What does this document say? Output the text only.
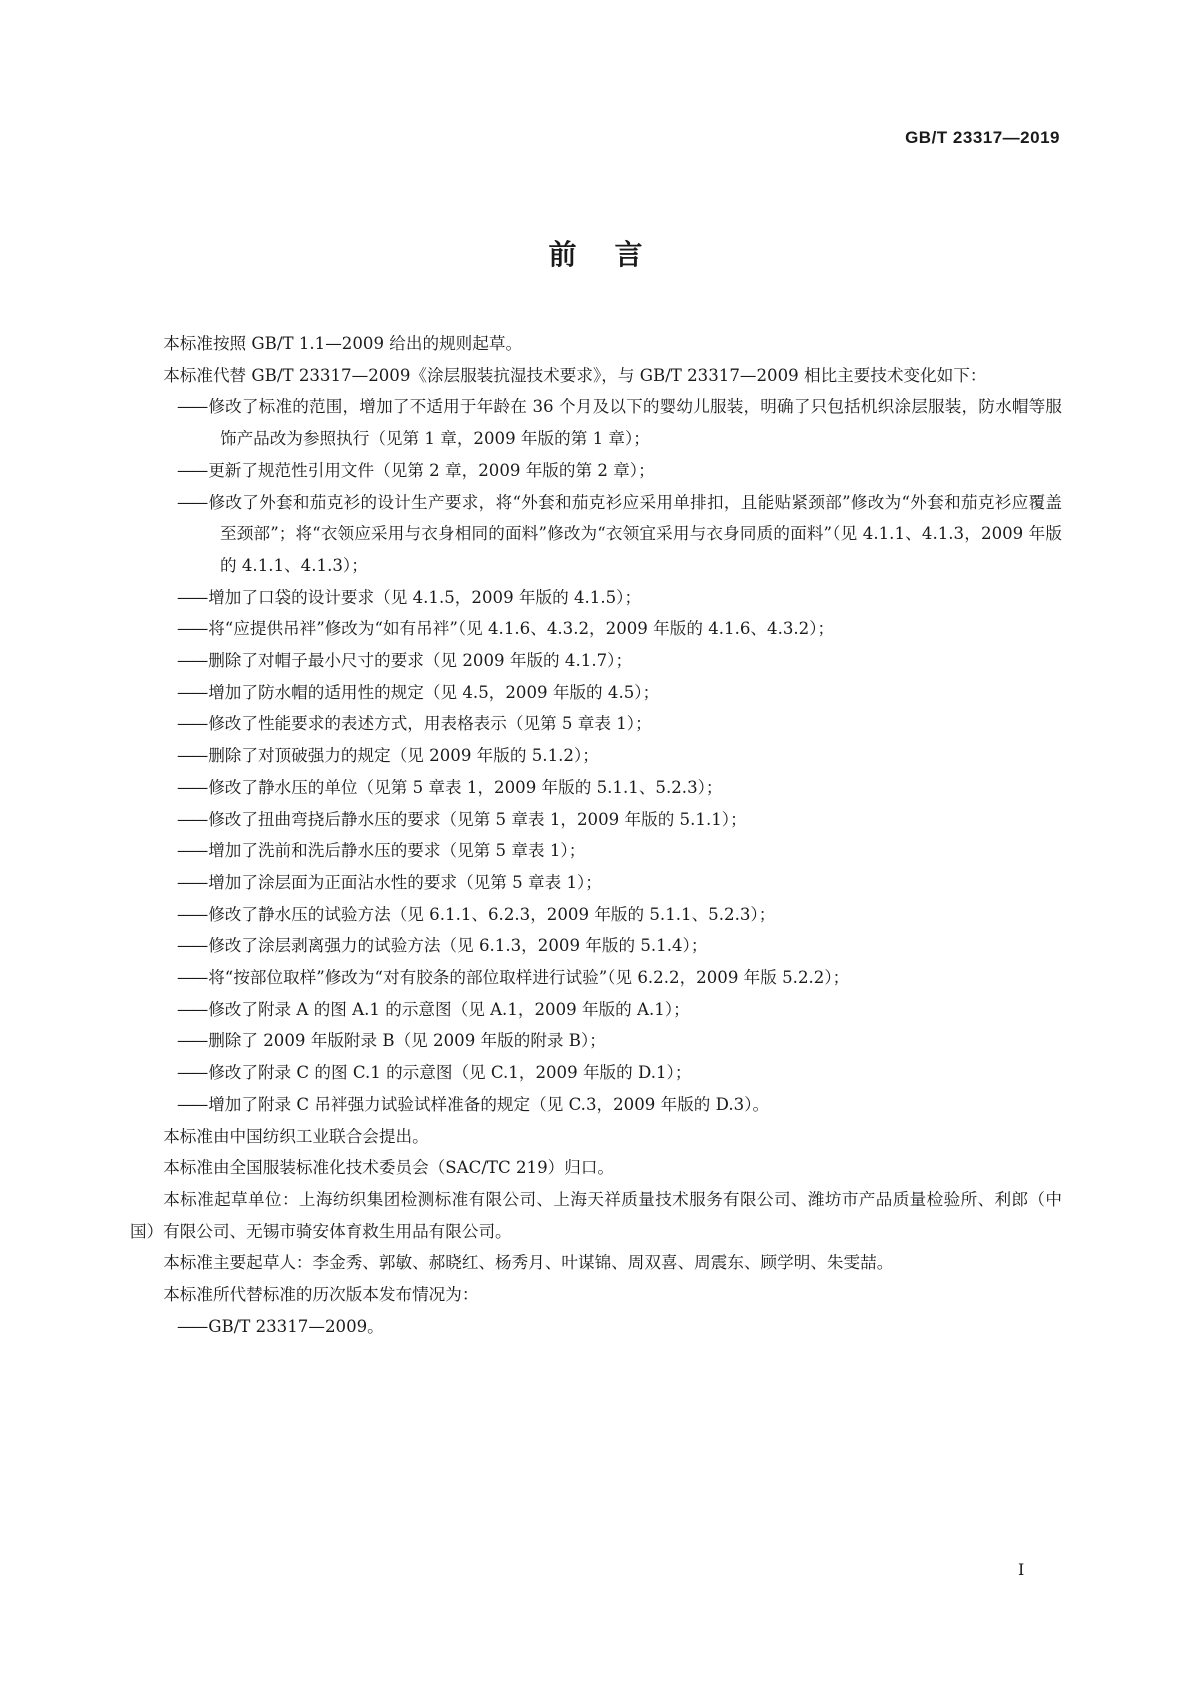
GB/T 23317—2019
前言

本标准按照 GB/T 1.1—2009 给出的规则起草。

本标准代替 GB/T 23317—2009《涂层服装抗湿技术要求》，与 GB/T 23317—2009 相比主要技术变化如下：

—— 修改了标准的范围，增加了不适用于年龄在 36 个月及以下的婴幼儿服装，明确了只包括机织涂层服装，防水帽等服饰产品改为参照执行（见第 1 章，2009 年版的第 1 章）；

—— 更新了规范性引用文件（见第 2 章，2009 年版的第 2 章）；

—— 修改了外套和茄克衫的设计生产要求，将“外套和茄克衫应采用单排扣，且能贴紧颈部”修改为“外套和茄克衫应覆盖至颈部”；将“衣领应采用与衣身相同的面料”修改为“衣领宜采用与衣身同质的面料”（见 4.1.1、4.1.3，2009 年版的 4.1.1、4.1.3）；

—— 增加了口袋的设计要求（见 4.1.5，2009 年版的 4.1.5）；

—— 将“应提供吊袢”修改为“如有吊袢”（见 4.1.6、4.3.2，2009 年版的 4.1.6、4.3.2）；

—— 删除了对帽子最小尺寸的要求（见 2009 年版的 4.1.7）；

—— 增加了防水帽的适用性的规定（见 4.5，2009 年版的 4.5）；

—— 修改了性能要求的表述方式，用表格表示（见第 5 章表 1）；

—— 删除了对顶破强力的规定（见 2009 年版的 5.1.2）；

—— 修改了静水压的单位（见第 5 章表 1，2009 年版的 5.1.1、5.2.3）；

—— 修改了扭曲弯挠后静水压的要求（见第 5 章表 1，2009 年版的 5.1.1）；

—— 增加了洗前和洗后静水压的要求（见第 5 章表 1）；

—— 增加了涂层面为正面沾水性的要求（见第 5 章表 1）；

—— 修改了静水压的试验方法（见 6.1.1、6.2.3，2009 年版的 5.1.1、5.2.3）；

—— 修改了涂层剥离强力的试验方法（见 6.1.3，2009 年版的 5.1.4）；

—— 将“按部位取样”修改为“对有胶条的部位取样进行试验”（见 6.2.2，2009 年版 5.2.2）；

—— 修改了附录 A 的图 A.1 的示意图（见 A.1，2009 年版的 A.1）；

—— 删除了 2009 年版附录 B（见 2009 年版的附录 B）；

—— 修改了附录 C 的图 C.1 的示意图（见 C.1，2009 年版的 D.1）；

—— 增加了附录 C 吊袢强力试验试样准备的规定（见 C.3，2009 年版的 D.3）。

本标准由中国纺织工业联合会提出。

本标准由全国服装标准化技术委员会（SAC/TC 219）归口。

本标准起草单位：上海纺织集团检测标准有限公司、上海天祥质量技术服务有限公司、潍坊市产品质量检验所、利郎（中国）有限公司、无锡市骑安体育救生用品有限公司。

本标准主要起草人：李金秀、郭敏、郝晓红、杨秀月、叶谋锦、周双喜、周震东、顾学明、朱雯喆。

本标准所代替标准的历次版本发布情况为：

—— GB/T 23317—2009。

I
